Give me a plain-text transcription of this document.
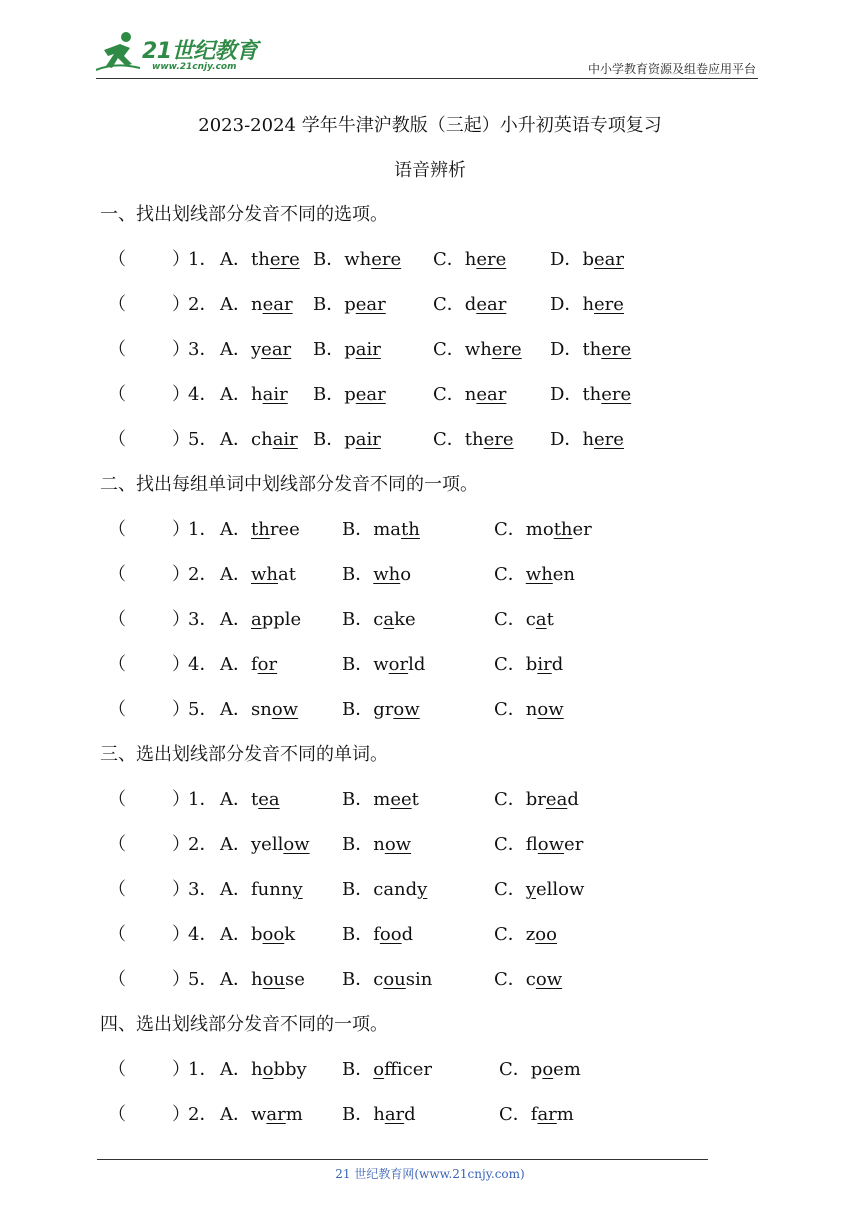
21世纪教育
www.21cnjy.com	中小学教育资源及组卷应用平台
2023-2024 学年牛津沪教版（三起）小升初英语专项复习
语音辨析
一、找出划线部分发音不同的选项。
（	）
1． A．there B．where C．here D．bear
（	）
2． A．near B．pear	C．dear D．here
（	）
3． A．year B．pair	C．where D．there
（	）
4． A．hair B．pear	C．near D．there
（	）
5． A．chair B．pair	C．there D．here
二、找出每组单词中划线部分发音不同的一项。
（	）
1． A．three B．math	C．mother
（	）
2． A．what	B．who	C．when
（	）
3． A．apple B．cake	C．cat
（	）
4． A．for	B．world	C．bird
（	）
5． A．snow B．grow	C．now
三、选出划线部分发音不同的单词。
（	）
1． A．tea	B．meet	C．bread
（	）
2． A．yellow B．now	C．flower
（	）
3． A．funny B．candy	C．yellow
（	）
4． A．book	B．food	C．zoo
（	）
5． A．house B．cousin	C．cow
四、选出划线部分发音不同的一项。
（	）
1． A．hobby B．officer	C．poem
（	）
2． A．warm B．hard	C．farm
21 世纪教育网(www.21cnjy.com)
